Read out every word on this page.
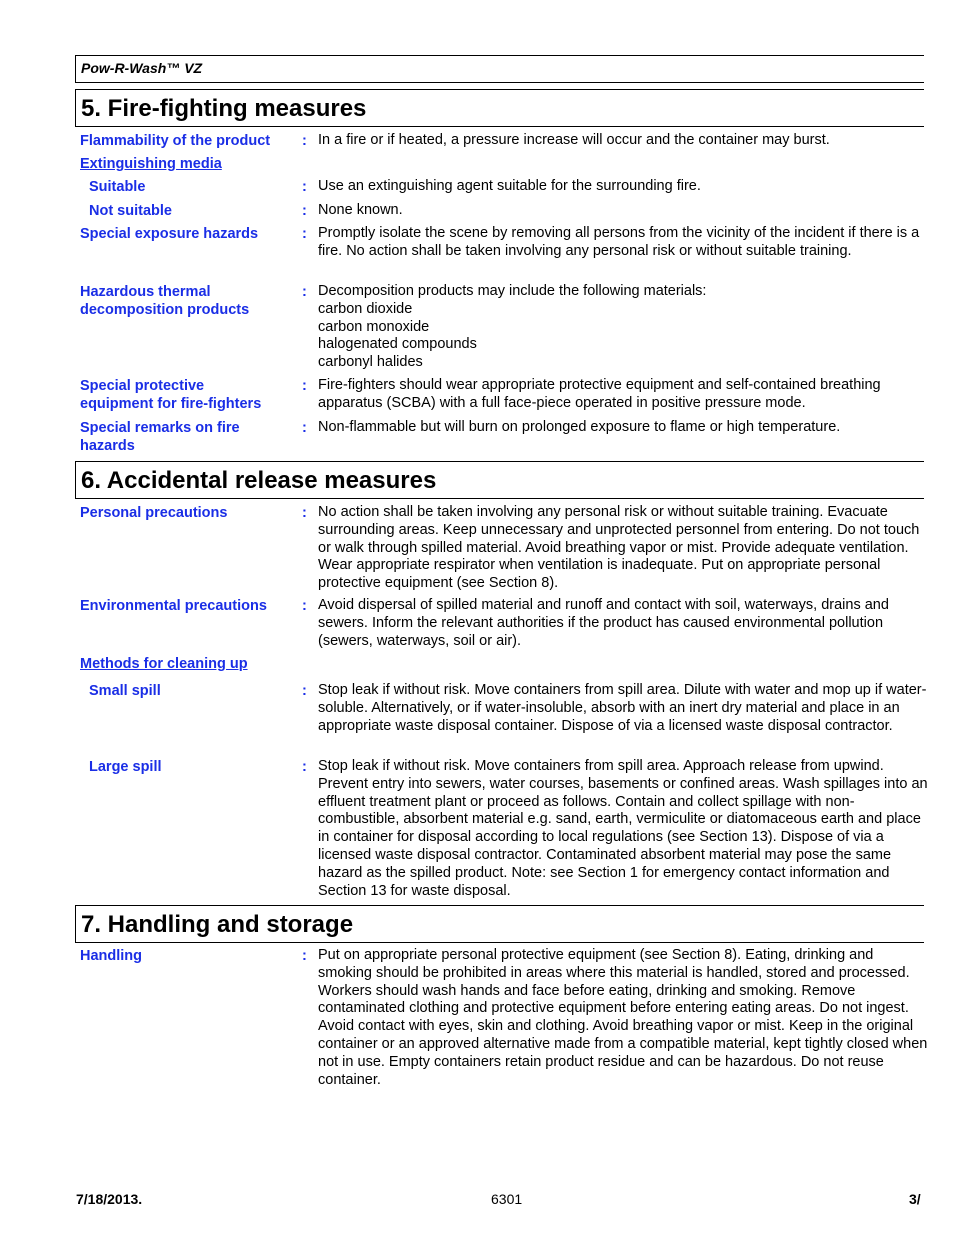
Pow-R-Wash™ VZ
5. Fire-fighting measures
Flammability of the product : In a fire or if heated, a pressure increase will occur and the container may burst.
Extinguishing media
Suitable	: Use an extinguishing agent suitable for the surrounding fire.
Not suitable	: None known.
Special exposure hazards	: Promptly isolate the scene by removing all persons from the vicinity of the incident if there is a fire. No action shall be taken involving any personal risk or without suitable training.
Hazardous thermal
decomposition products
: Decomposition products may include the following materials:
carbon dioxide
carbon monoxide
halogenated compounds
carbonyl halides
Special protective
equipment for fire-fighters
: Fire-fighters should wear appropriate protective equipment and self-contained breathing apparatus (SCBA) with a full face-piece operated in positive pressure mode.
Special remarks on fire
hazards
: Non-flammable but will burn on prolonged exposure to flame or high temperature.
6. Accidental release measures
Personal precautions	: No action shall be taken involving any personal risk or without suitable training. Evacuate surrounding areas. Keep unnecessary and unprotected personnel from entering. Do not touch or walk through spilled material. Avoid breathing vapor or mist. Provide adequate ventilation. Wear appropriate respirator when ventilation is inadequate. Put on appropriate personal protective equipment (see Section 8).
Environmental precautions : Avoid dispersal of spilled material and runoff and contact with soil, waterways, drains and sewers. Inform the relevant authorities if the product has caused environmental pollution (sewers, waterways, soil or air).
Methods for cleaning up
Small spill	: Stop leak if without risk. Move containers from spill area. Dilute with water and mop up if water-soluble. Alternatively, or if water-insoluble, absorb with an inert dry material and place in an appropriate waste disposal container. Dispose of via a licensed waste disposal contractor.
Large spill	: Stop leak if without risk. Move containers from spill area. Approach release from upwind. Prevent entry into sewers, water courses, basements or confined areas. Wash spillages into an effluent treatment plant or proceed as follows. Contain and collect spillage with non-combustible, absorbent material e.g. sand, earth, vermiculite or diatomaceous earth and place in container for disposal according to local regulations (see Section 13). Dispose of via a licensed waste disposal contractor. Contaminated absorbent material may pose the same hazard as the spilled product. Note: see Section 1 for emergency contact information and Section 13 for waste disposal.
7. Handling and storage
Handling	: Put on appropriate personal protective equipment (see Section 8). Eating, drinking and smoking should be prohibited in areas where this material is handled, stored and processed. Workers should wash hands and face before eating, drinking and smoking. Remove contaminated clothing and protective equipment before entering eating areas. Do not ingest. Avoid contact with eyes, skin and clothing. Avoid breathing vapor or mist. Keep in the original container or an approved alternative made from a compatible material, kept tightly closed when not in use. Empty containers retain product residue and can be hazardous. Do not reuse container.
7/18/2013.	6301	3/
